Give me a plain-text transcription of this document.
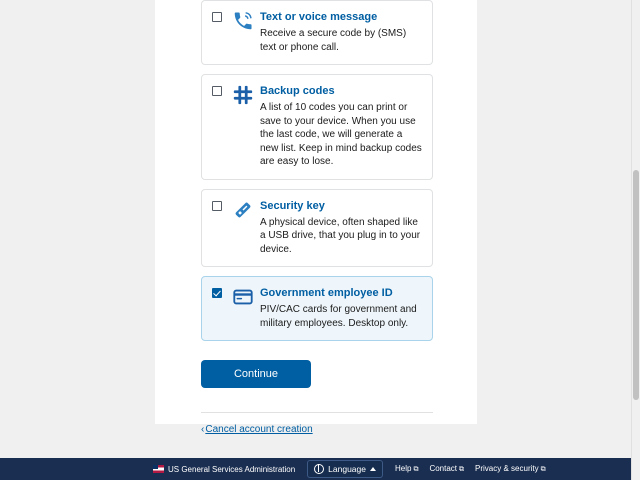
Text or voice message

Receive a secure code by (SMS) text or phone call.

Backup codes

A list of 10 codes you can print or save to your device. When you use the last code, we will generate a new list. Keep in mind backup codes are easy to lose.

Security key

A physical device, often shaped like a USB drive, that you plug in to your device.

Government employee ID

PIV/CAC cards for government and military employees. Desktop only.

Continue
‹Cancel account creation
US General Services Administration	Language	Help ⧉ Contact ⧉ Privacy & security ⧉
